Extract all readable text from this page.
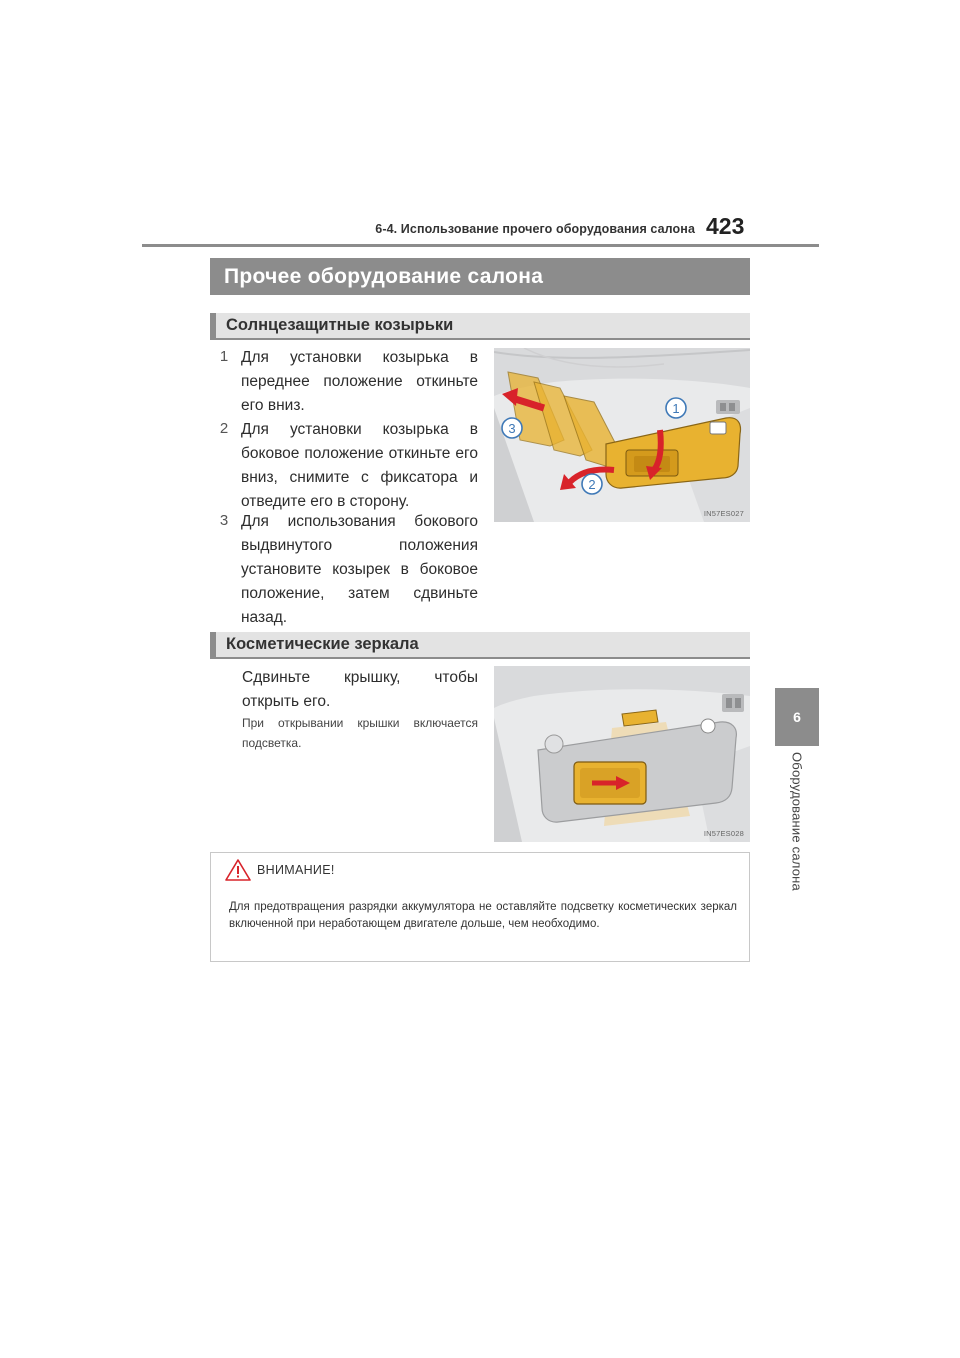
6-4. Использование прочего оборудования салона 423
6
Оборудование салона
Прочее оборудование салона
Солнцезащитные козырьки
1 Для установки козырька в переднее положение откиньте его вниз.
2 Для установки козырька в боковое положение откиньте его вниз, снимите с фиксатора и отведите его в сторону.
3 Для использования бокового выдвинутого положения установите козырек в боковое положение, затем сдвиньте назад.
1
2
3
IN57ES027
Косметические зеркала
Сдвиньте крышку, чтобы открыть его.
При открывании крышки включается подсветка.
IN57ES028
ВНИМАНИЕ!
Для предотвращения разрядки аккумулятора не оставляйте подсветку косметических зеркал включенной при неработающем двигателе дольше, чем необходимо.
